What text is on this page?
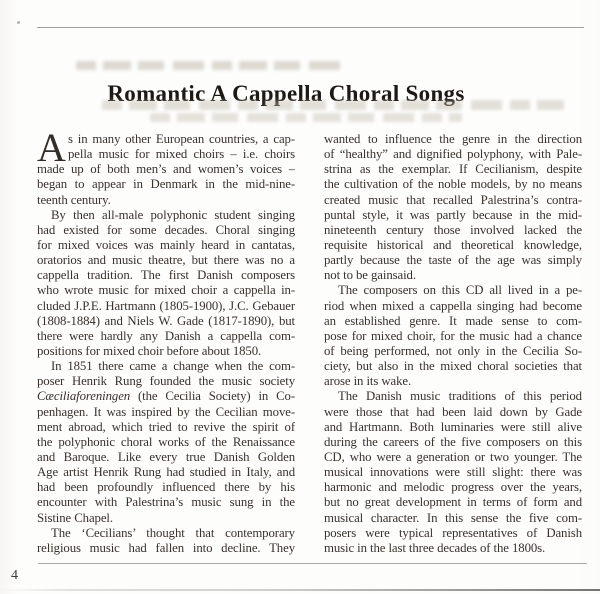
Romantic A Cappella Choral Songs
A s in many other European countries, a cap-
pella music for mixed choirs – i.e. choirs
made up of both men’s and women’s voices –
began to appear in Denmark in the mid-nine-
teenth century.
By then all-male polyphonic student singing
had existed for some decades. Choral singing
for mixed voices was mainly heard in cantatas,
oratorios and music theatre, but there was no a
cappella tradition. The first Danish composers
who wrote music for mixed choir a cappella in-
cluded J.P.E. Hartmann (1805-1900), J.C. Gebauer
(1808-1884) and Niels W. Gade (1817-1890), but
there were hardly any Danish a cappella com-
positions for mixed choir before about 1850.
In 1851 there came a change when the com-
poser Henrik Rung founded the music society
Cæciliaforeningen (the Cecilia Society) in Co-
penhagen. It was inspired by the Cecilian move-
ment abroad, which tried to revive the spirit of
the polyphonic choral works of the Renaissance
and Baroque. Like every true Danish Golden
Age artist Henrik Rung had studied in Italy, and
had been profoundly influenced there by his
encounter with Palestrina’s music sung in the
Sistine Chapel.
The ‘Cecilians’ thought that contemporary
religious music had fallen into decline. They
wanted to influence the genre in the direction
of “healthy” and dignified polyphony, with Pale-
strina as the exemplar. If Cecilianism, despite
the cultivation of the noble models, by no means
created music that recalled Palestrina’s contra-
puntal style, it was partly because in the mid-
nineteenth century those involved lacked the
requisite historical and theoretical knowledge,
partly because the taste of the age was simply
not to be gainsaid.
The composers on this CD all lived in a pe-
riod when mixed a cappella singing had become
an established genre. It made sense to com-
pose for mixed choir, for the music had a chance
of being performed, not only in the Cecilia So-
ciety, but also in the mixed choral societies that
arose in its wake.
The Danish music traditions of this period
were those that had been laid down by Gade
and Hartmann. Both luminaries were still alive
during the careers of the five composers on this
CD, who were a generation or two younger. The
musical innovations were still slight: there was
harmonic and melodic progress over the years,
but no great development in terms of form and
musical character. In this sense the five com-
posers were typical representatives of Danish
music in the last three decades of the 1800s.
4
